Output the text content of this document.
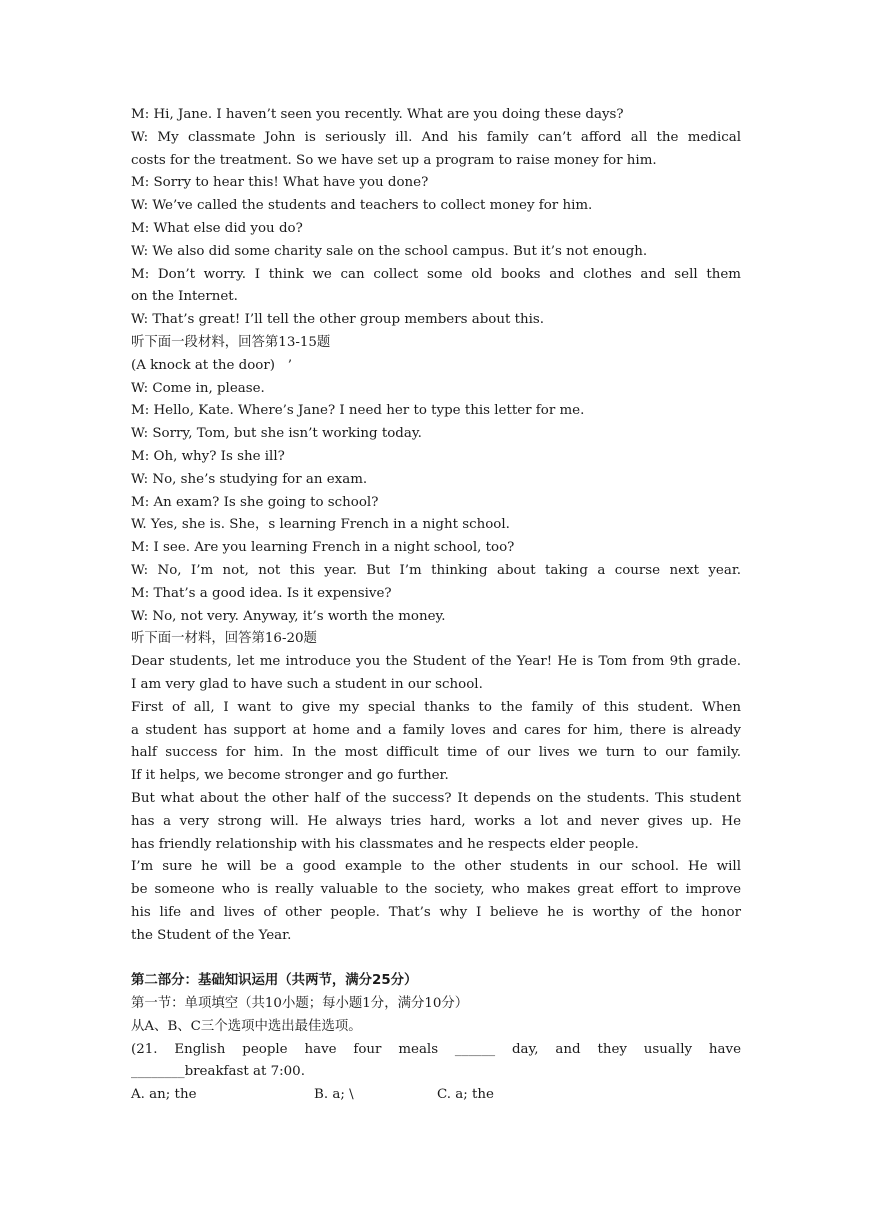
M: Hi, Jane. I haven’t seen you recently. What are you doing these days?
W: My classmate John is seriously ill. And his family can’t afford all the medical
costs for the treatment. So we have set up a program to raise money for him.
M: Sorry to hear this! What have you done?
W: We’ve called the students and teachers to collect money for him.
M: What else did you do?
W: We also did some charity sale on the school campus. But it’s not enough.
M: Don’t worry. I think we can collect some old books and clothes and sell them
on the Internet.
W: That’s great! I’ll tell the other group members about this.
听下面一段材料，回答第13-15题
(A knock at the door)   ’
W: Come in, please.
M: Hello, Kate. Where’s Jane? I need her to type this letter for me.
W: Sorry, Tom, but she isn’t working today.
M: Oh, why? Is she ill?
W: No, she’s studying for an exam.
M: An exam? Is she going to school?
W. Yes, she is. She，s learning French in a night school.
M: I see. Are you learning French in a night school, too?
W: No, I’m not, not this year. But I’m thinking about taking a course next year.
M: That’s a good idea. Is it expensive?
W: No, not very. Anyway, it’s worth the money.
听下面一材料，回答第16-20题
Dear students, let me introduce you the Student of the Year! He is Tom from 9th grade.
I am very glad to have such a student in our school.
First of all, I want to give my special thanks to the family of this student. When
a student has support at home and a family loves and cares for him, there is already
half success for him. In the most difficult time of our lives we turn to our family.
If it helps, we become stronger and go further.
But what about the other half of the success? It depends on the students. This student
has a very strong will. He always tries hard, works a lot and never gives up. He
has friendly relationship with his classmates and he respects elder people.
I’m sure he will be a good example to the other students in our school. He will
be someone who is really valuable to the society, who makes great effort to improve
his life and lives of other people. That’s why I believe he is worthy of the honor
the Student of the Year.
第二部分：基础知识运用（共两节，满分25分）
第一节：单项填空（共10小题；每小题1分，满分10分）
从A、B、C三个选项中选出最佳选项。
(21. English people have four meals ______ day, and they usually have
________breakfast at 7:00.
A. an; the	B. a; \	C. a; the
